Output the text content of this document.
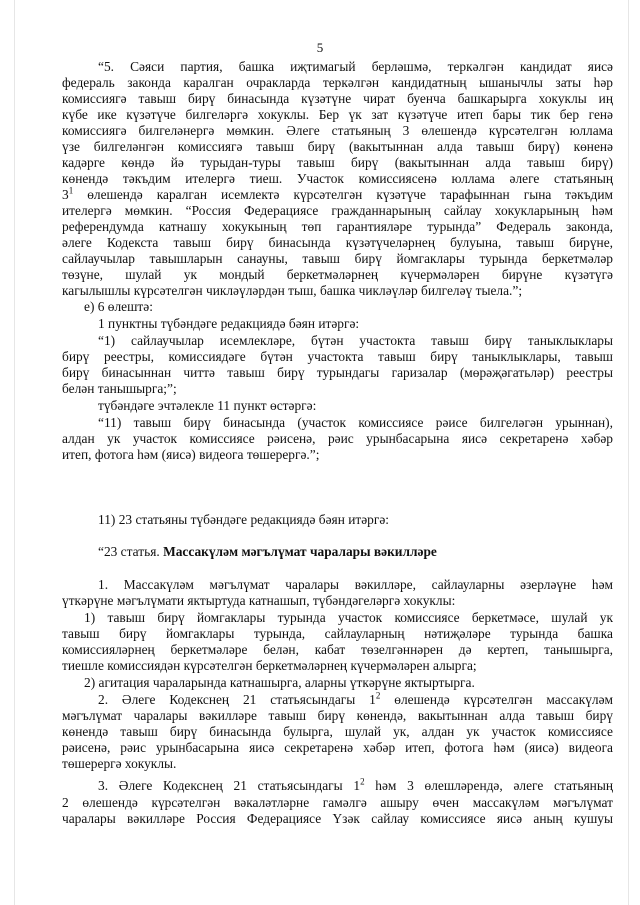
5
“5. Сәяси партия, башка иҗтимагый берләшмә, теркәлгән кандидат яисә
федераль законда каралган очракларда теркәлгән кандидатның ышанычлы заты һәр
комиссиягә тавыш бирү бинасында күзәтүне чират буенча башкарырга хокуклы иң
күбе ике күзәтүче билгеләргә хокуклы. Бер үк зат күзәтүче итеп бары тик бер генә
комиссиягә билгеләнергә мөмкин. Әлеге статьяның 3 өлешендә күрсәтелгән юллама
үзе билгеләнгән комиссиягә тавыш бирү (вакытыннан алда тавыш бирү) көненә
кадәрге көндә йә турыдан-туры тавыш бирү (вакытыннан алда тавыш бирү)
көнендә тәкъдим ителергә тиеш. Участок комиссиясенә юллама әлеге статьяның
$3^1$ өлешендә каралган исемлектә күрсәтелгән күзәтүче тарафыннан гына тәкъдим
ителергә мөмкин. “Россия Федерациясе гражданнарының сайлау хокукларының һәм
референдумда катнашу хокукының төп гарантияләре турында” Федераль законда,
әлеге Кодекста тавыш бирү бинасында күзәтүчеләрнең булуына, тавыш бирүне,
сайлаучылар тавышларын санауны, тавыш бирү йомгаклары турында беркетмәләр
төзүне, шулай ук мондый беркетмәләрнең күчермәләрен бирүне күзәтүгә
кагылышлы күрсәтелгән чикләүләрдән тыш, башка чикләүләр билгеләү тыела.”;
е) 6 өлештә:
1 пунктны түбәндәге редакциядә бәян итәргә:
“1) сайлаучылар исемлекләре, бүтән участокта тавыш бирү таныклыклары
бирү реестры, комиссиядәге бүтән участокта тавыш бирү таныклыклары, тавыш
бирү бинасыннан читтә тавыш бирү турындагы гаризалар (мөрәҗәгатьләр) реестры
белән танышырга;”;
түбәндәге эчтәлекле 11 пункт өстәргә:
“11) тавыш бирү бинасында (участок комиссиясе рәисе билгеләгән урыннан),
алдан ук участок комиссиясе рәисенә, рәис урынбасарына яисә секретаренә хәбәр
итеп, фотога һәм (яисә) видеога төшерергә.”;
11) 23 статьяны түбәндәге редакциядә бәян итәргә:
“23 статья. Массакүләм мәгълүмат чаралары вәкилләре
1. Массакүләм мәгълүмат чаралары вәкилләре, сайлауларны әзерләүне һәм
үткәрүне мәгълүмати яктыртуда катнашып, түбәндәгеләргә хокуклы:
1) тавыш бирү йомгаклары турында участок комиссиясе беркетмәсе, шулай ук
тавыш бирү йомгаклары турында, сайлауларның нәтиҗәләре турында башка
комиссияләрнең беркетмәләре белән, кабат төзелгәннәрен дә кертеп, танышырга,
тиешле комиссиядән күрсәтелгән беркетмәләрнең күчермәләрен алырга;
2) агитация чараларында катнашырга, аларны үткәрүне яктыртырга.
2. Әлеге Кодекснең 21 статьясындагы $1^2$ өлешендә күрсәтелгән массакүләм
мәгълүмат чаралары вәкилләре тавыш бирү көнендә, вакытыннан алда тавыш бирү
көнендә тавыш бирү бинасында булырга, шулай ук, алдан ук участок комиссиясе
рәисенә, рәис урынбасарына яисә секретаренә хәбәр итеп, фотога һәм (яисә) видеога
төшерергә хокуклы.
3. Әлеге Кодекснең 21 статьясындагы $1^2$ һәм 3 өлешләрендә, әлеге статьяның
2 өлешендә күрсәтелгән вәкаләтләрне гамәлгә ашыру өчен массакүләм мәгълүмат
чаралары вәкилләре Россия Федерациясе Үзәк сайлау комиссиясе яисә аның кушуы
